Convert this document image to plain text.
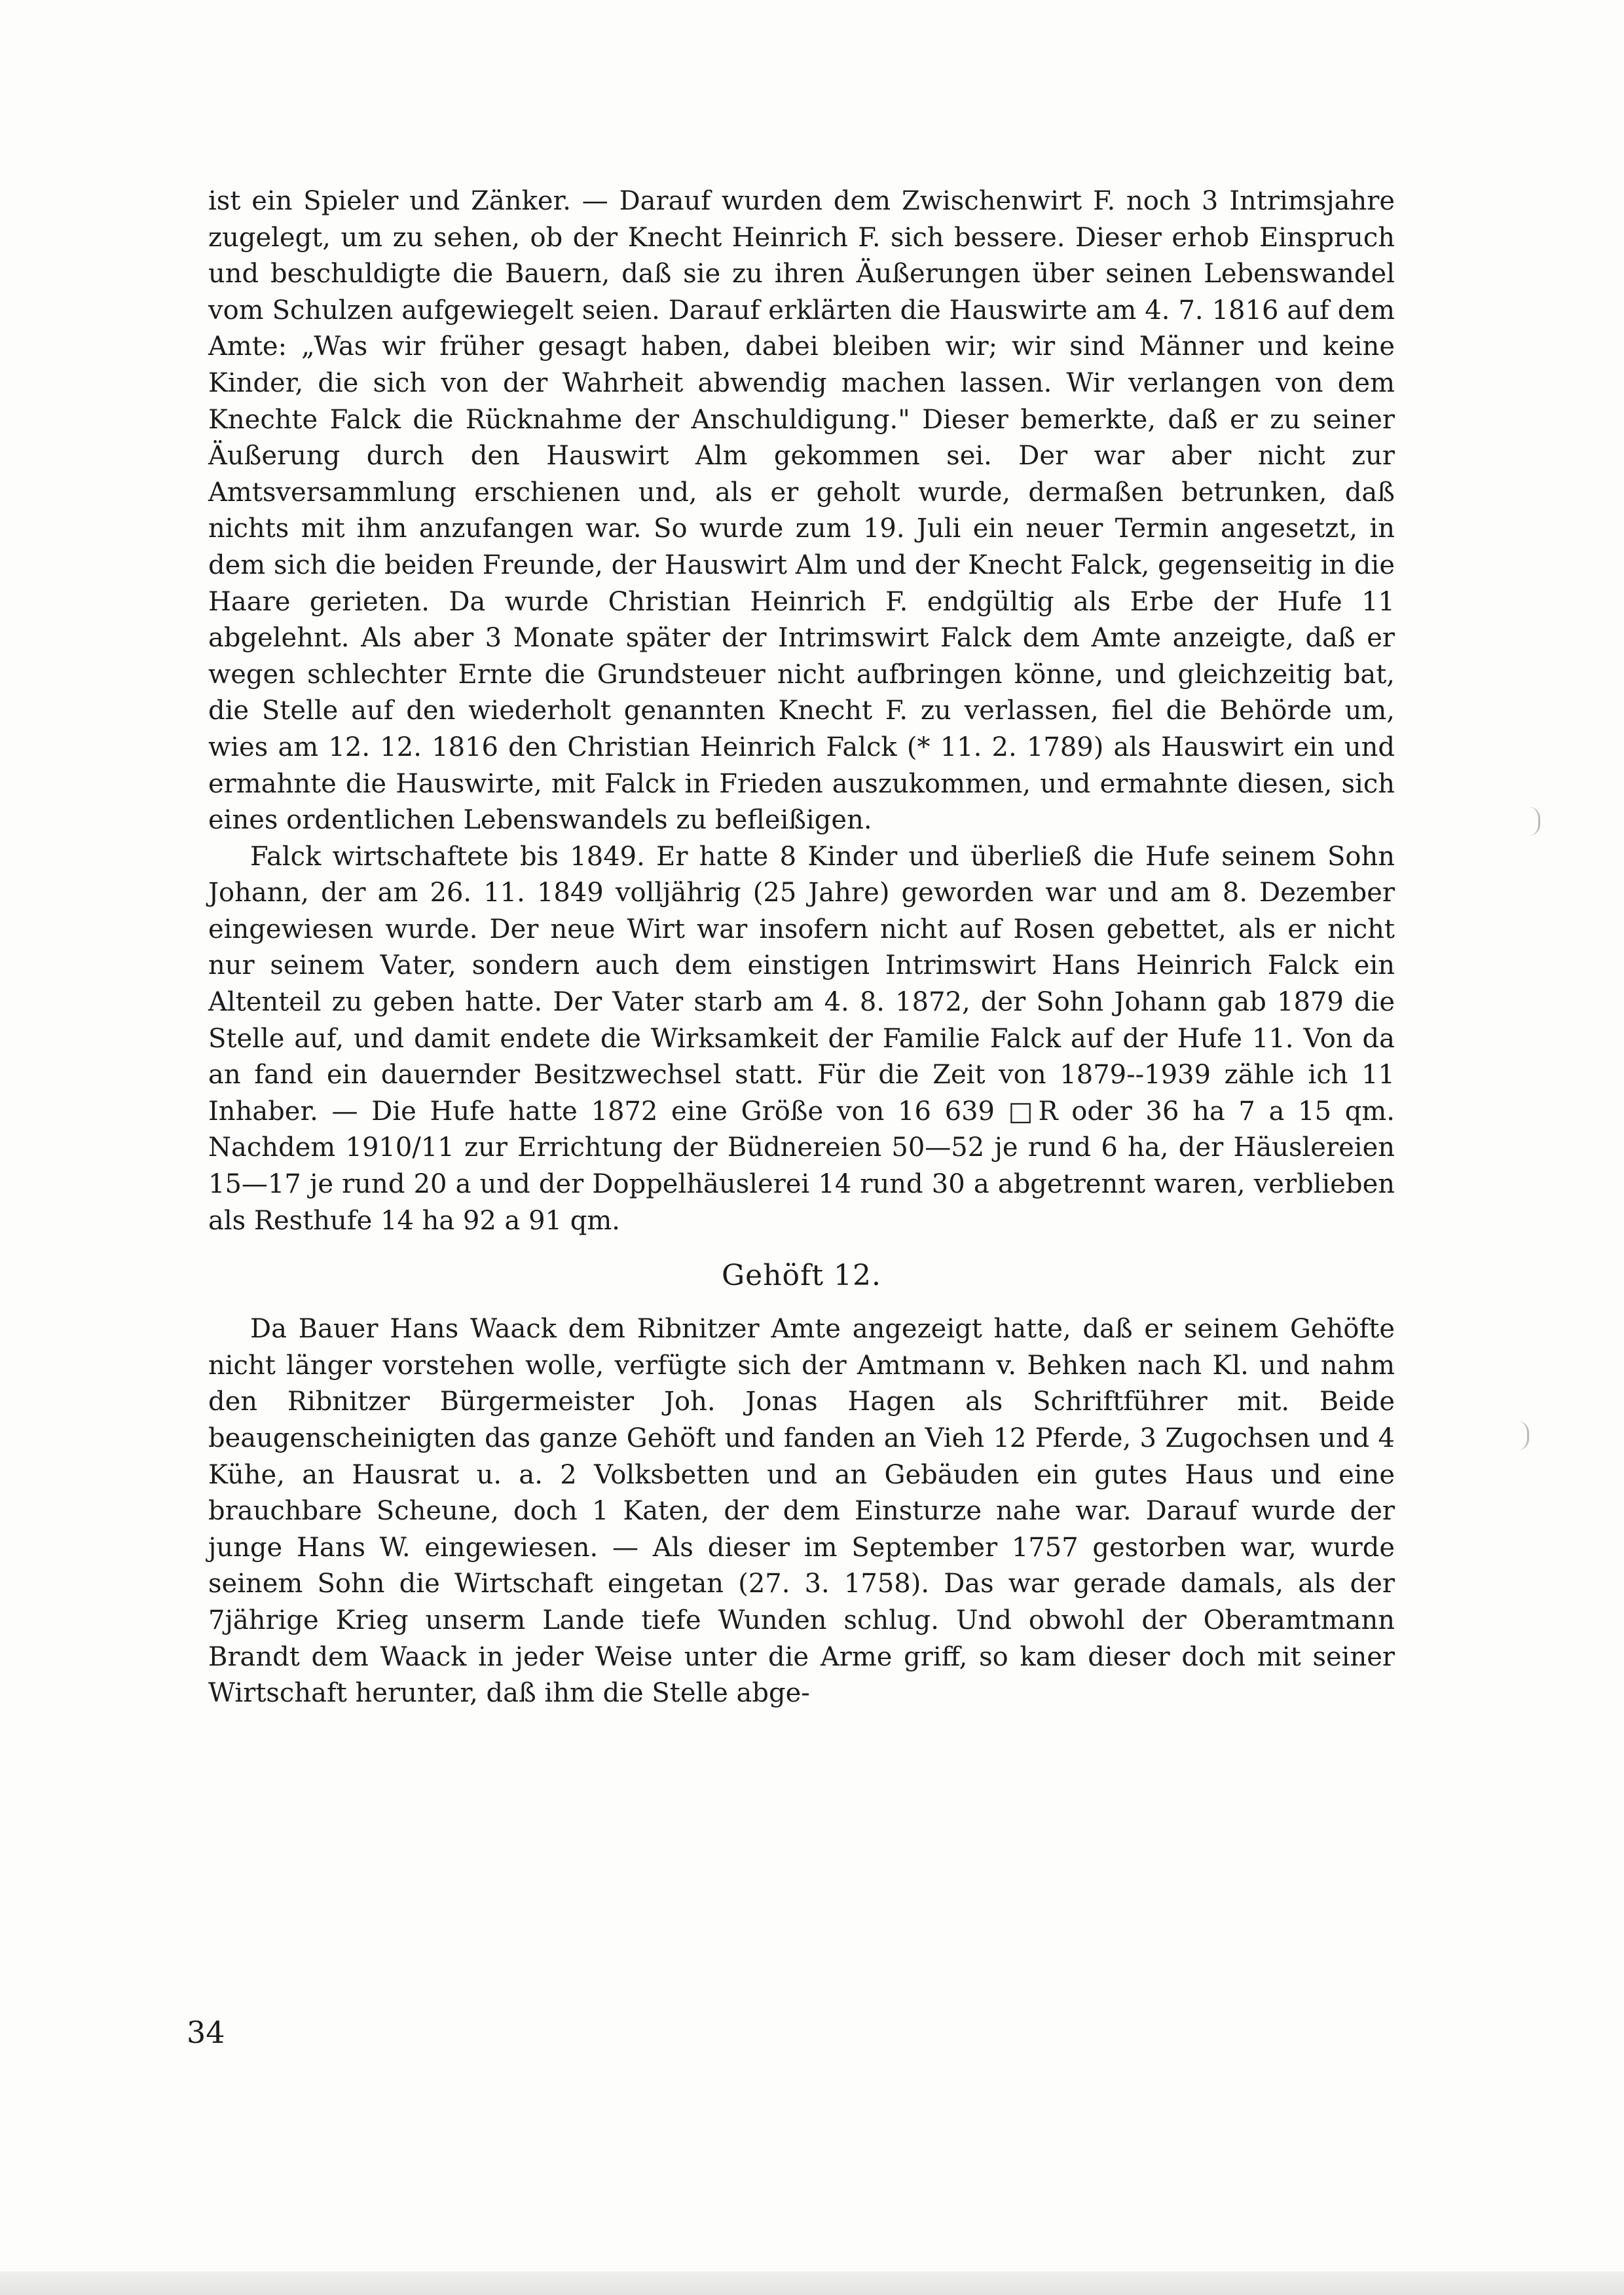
ist ein Spieler und Zänker. — Darauf wurden dem Zwischenwirt F. noch 3 Intrimsjahre zugelegt, um zu sehen, ob der Knecht Heinrich F. sich bessere. Dieser erhob Einspruch und beschuldigte die Bauern, daß sie zu ihren Äußerungen über seinen Lebenswandel vom Schulzen aufgewiegelt seien. Darauf erklärten die Hauswirte am 4. 7. 1816 auf dem Amte: „Was wir früher gesagt haben, dabei bleiben wir; wir sind Männer und keine Kinder, die sich von der Wahrheit abwendig machen lassen. Wir verlangen von dem Knechte Falck die Rücknahme der Anschuldigung." Dieser bemerkte, daß er zu seiner Äußerung durch den Hauswirt Alm gekommen sei. Der war aber nicht zur Amtsversammlung erschienen und, als er geholt wurde, dermaßen betrunken, daß nichts mit ihm anzufangen war. So wurde zum 19. Juli ein neuer Termin angesetzt, in dem sich die beiden Freunde, der Hauswirt Alm und der Knecht Falck, gegenseitig in die Haare gerieten. Da wurde Christian Heinrich F. endgültig als Erbe der Hufe 11 abgelehnt. Als aber 3 Monate später der Intrimswirt Falck dem Amte anzeigte, daß er wegen schlechter Ernte die Grundsteuer nicht aufbringen könne, und gleichzeitig bat, die Stelle auf den wiederholt genannten Knecht F. zu verlassen, fiel die Behörde um, wies am 12. 12. 1816 den Christian Heinrich Falck (* 11. 2. 1789) als Hauswirt ein und ermahnte die Hauswirte, mit Falck in Frieden auszukommen, und ermahnte diesen, sich eines ordentlichen Lebenswandels zu befleißigen.

Falck wirtschaftete bis 1849. Er hatte 8 Kinder und überließ die Hufe seinem Sohn Johann, der am 26. 11. 1849 volljährig (25 Jahre) geworden war und am 8. Dezember eingewiesen wurde. Der neue Wirt war insofern nicht auf Rosen gebettet, als er nicht nur seinem Vater, sondern auch dem einstigen Intrimswirt Hans Heinrich Falck ein Altenteil zu geben hatte. Der Vater starb am 4. 8. 1872, der Sohn Johann gab 1879 die Stelle auf, und damit endete die Wirksamkeit der Familie Falck auf der Hufe 11. Von da an fand ein dauernder Besitzwechsel statt. Für die Zeit von 1879--1939 zähle ich 11 Inhaber. — Die Hufe hatte 1872 eine Größe von 16 639 □R oder 36 ha 7 a 15 qm. Nachdem 1910/11 zur Errichtung der Büdnereien 50—52 je rund 6 ha, der Häuslereien 15—17 je rund 20 a und der Doppelhäuslerei 14 rund 30 a abgetrennt waren, verblieben als Resthufe 14 ha 92 a 91 qm.

Gehöft 12.

Da Bauer Hans Waack dem Ribnitzer Amte angezeigt hatte, daß er seinem Gehöfte nicht länger vorstehen wolle, verfügte sich der Amtmann v. Behken nach Kl. und nahm den Ribnitzer Bürgermeister Joh. Jonas Hagen als Schriftführer mit. Beide beaugenscheinigten das ganze Gehöft und fanden an Vieh 12 Pferde, 3 Zugochsen und 4 Kühe, an Hausrat u. a. 2 Volksbetten und an Gebäuden ein gutes Haus und eine brauchbare Scheune, doch 1 Katen, der dem Einsturze nahe war. Darauf wurde der junge Hans W. eingewiesen. — Als dieser im September 1757 gestorben war, wurde seinem Sohn die Wirtschaft eingetan (27. 3. 1758). Das war gerade damals, als der 7jährige Krieg unserm Lande tiefe Wunden schlug. Und obwohl der Oberamtmann Brandt dem Waack in jeder Weise unter die Arme griff, so kam dieser doch mit seiner Wirtschaft herunter, daß ihm die Stelle abge-

34
